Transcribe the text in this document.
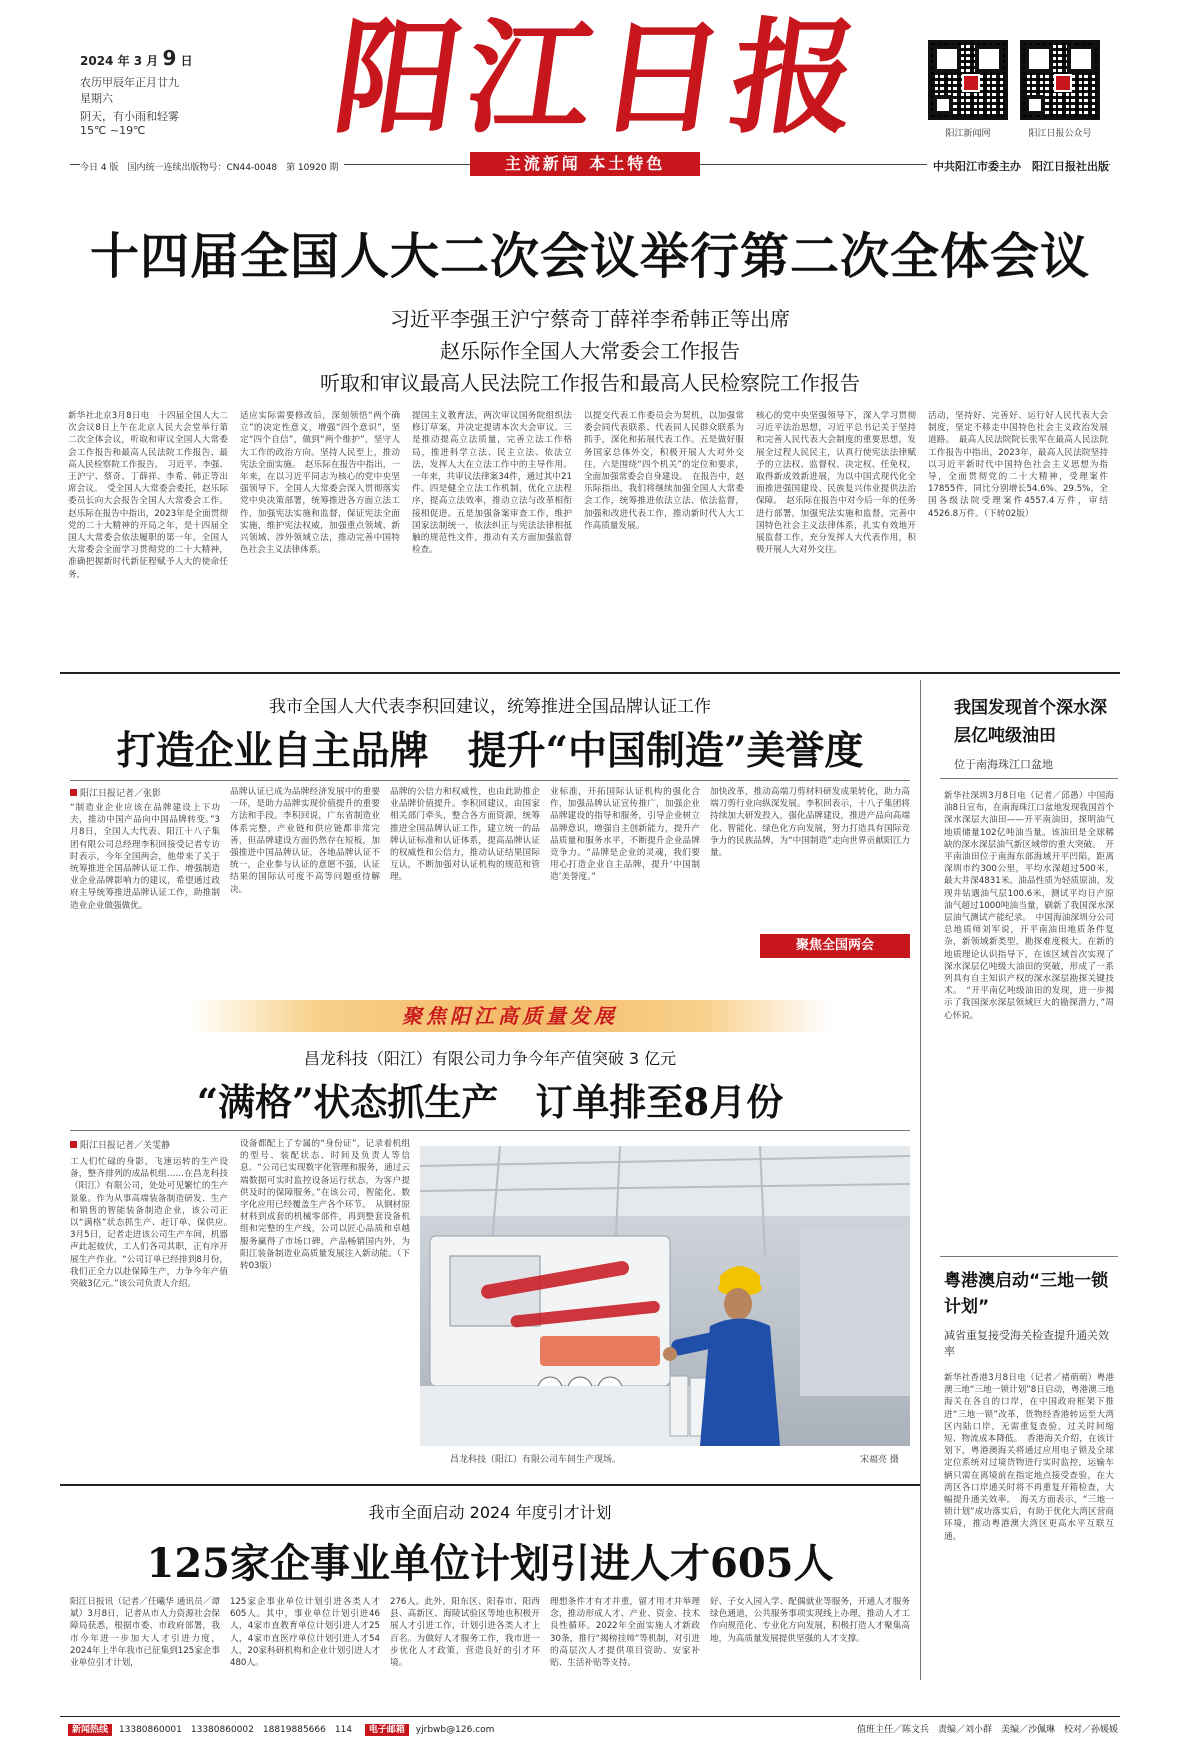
2024 年 3 月 9 日
农历甲辰年正月廿九
星期六
阴天，有小雨和轻雾
15℃ ~19℃ 阳江日报	阳江新闻网	阳江日报公众号
今日 4 版　国内统一连续出版物号：CN44-0048　第 10920 期	主流新闻 本土特色	中共阳江市委主办　阳江日报社出版
十四届全国人大二次会议举行第二次全体会议
习近平李强王沪宁蔡奇丁薛祥李希韩正等出席
赵乐际作全国人大常委会工作报告
听取和审议最高人民法院工作报告和最高人民检察院工作报告
新华社北京3月8日电　十四届全国人大二次会议8日上午在北京人民大会堂举行第二次全体会议，听取和审议全国人大常委会工作报告和最高人民法院工作报告、最高人民检察院工作报告。　习近平、李强、王沪宁、蔡奇、丁薛祥、李希、韩正等出席会议。　受全国人大常委会委托，赵乐际委员长向大会报告全国人大常委会工作。赵乐际在报告中指出，2023年是全面贯彻党的二十大精神的开局之年，是十四届全国人大常委会依法履职的第一年。全国人大常委会全面学习贯彻党的二十大精神，准确把握新时代新征程赋予人大的使命任务，
适应实际需要修改后，深刻领悟“两个确立”的决定性意义，增强“四个意识”，坚定“四个自信”，做到“两个维护”，坚守人大工作的政治方向。坚持人民至上，推动宪法全面实施。　赵乐际在报告中指出，一年来，在以习近平同志为核心的党中央坚强领导下，全国人大常委会深入贯彻落实党中央决策部署，统筹推进各方面立法工作，加强宪法实施和监督，保证宪法全面实施，维护宪法权威，加强重点领域、新兴领域、涉外领域立法，推动完善中国特色社会主义法律体系。
提国主义教育法，两次审议国务院组织法修订草案，并决定提请本次大会审议。三是推动提高立法质量，完善立法工作格局，推进科学立法、民主立法、依法立法，发挥人大在立法工作中的主导作用。一年来，共审议法律案34件，通过其中21件。四是健全立法工作机制，优化立法程序，提高立法效率，推动立法与改革相衔接相促进。五是加强备案审查工作，维护国家法制统一，依法纠正与宪法法律相抵触的规范性文件，推动有关方面加强监督检查。
以提交代表工作委员会为契机，以加强常委会同代表联系、代表同人民群众联系为抓手，深化和拓展代表工作。五是做好服务国家总体外交，积极开展人大对外交往，六是围绕“四个机关”的定位和要求，全面加强常委会自身建设。　在报告中，赵乐际指出，我们将继续加强全国人大常委会工作，统筹推进依法立法、依法监督，加强和改进代表工作，推动新时代人大工作高质量发展。
核心的党中央坚强领导下，深入学习贯彻习近平法治思想，习近平总书记关于坚持和完善人民代表大会制度的重要思想，发展全过程人民民主，认真行使宪法法律赋予的立法权、监督权、决定权、任免权，取得新成效新进展，为以中国式现代化全面推进强国建设、民族复兴伟业提供法治保障。　赵乐际在报告中对今后一年的任务进行部署，加强宪法实施和监督，完善中国特色社会主义法律体系，扎实有效地开展监督工作，充分发挥人大代表作用，积极开展人大对外交往。
活动，坚持好、完善好、运行好人民代表大会制度，坚定不移走中国特色社会主义政治发展道路。　最高人民法院院长张军在最高人民法院工作报告中指出，2023年，最高人民法院坚持以习近平新时代中国特色社会主义思想为指导，全面贯彻党的二十大精神，受理案件17855件，同比分别增长54.6%、29.5%，全国各级法院受理案件4557.4万件，审结4526.8万件。（下转02版）
我市全国人大代表李积回建议，统筹推进全国品牌认证工作
打造企业自主品牌　提升“中国制造”美誉度
阳江日报记者／张影
“制造业企业应该在品牌建设上下功夫，推动中国产品向中国品牌转变。”3月8日，全国人大代表、阳江十八子集团有限公司总经理李积回接受记者专访时表示，今年全国两会，他带来了关于统筹推进全国品牌认证工作、增强制造业企业品牌影响力的建议，希望通过政府主导统筹推进品牌认证工作，助推制造业企业做强做优。
品牌认证已成为品牌经济发展中的重要一环，是助力品牌实现价值提升的重要方法和手段。李积回说，广东省制造业体系完整，产业链和供应链都非常完善，但品牌建设方面仍然存在短板，加强推进中国品牌认证，各地品牌认证不统一，企业参与认证的意愿不强，认证结果的国际认可度不高等问题亟待解决。
品牌的公信力和权威性，也由此助推企业品牌价值提升。李积回建议，由国家相关部门牵头，整合各方面资源，统筹推进全国品牌认证工作，建立统一的品牌认证标准和认证体系，提高品牌认证的权威性和公信力，推动认证结果国际互认，不断加强对认证机构的规范和管理。
业标准，开拓国际认证机构的强化合作，加强品牌认证宣传推广，加强企业品牌建设的指导和服务，引导企业树立品牌意识，增强自主创新能力，提升产品质量和服务水平，不断提升企业品牌竞争力。“品牌是企业的灵魂，我们要用心打造企业自主品牌，提升‘中国制造’美誉度。”
加快改革，推动高端刀剪材料研发成果转化，助力高端刀剪行业向纵深发展。李积回表示，十八子集团将持续加大研发投入，强化品牌建设，推进产品向高端化、智能化、绿色化方向发展，努力打造具有国际竞争力的民族品牌，为“中国制造”走向世界贡献阳江力量。
聚焦全国两会
我国发现首个深水深层亿吨级油田
位于南海珠江口盆地
新华社深圳3月8日电（记者／邱愚）中国海油8日宣布，在南海珠江口盆地发现我国首个深水深层大油田——开平南油田，探明油气地质储量102亿吨油当量。该油田是全球稀缺的深水深层油气新区域带的重大突破。　开平南油田位于南海东部海域开平凹陷，距离深圳市约300公里，平均水深超过500米，最大井深4831米。油品性质为轻质原油，发现井钻遇油气层100.6米，测试平均日产原油气超过1000吨油当量，刷新了我国深水深层油气测试产能纪录。　中国海油深圳分公司总地质师刘军说，开平南油田地质条件复杂，新领域新类型，勘探难度极大。在新的地质理论认识指导下，在该区域首次实现了深水深层亿吨级大油田的突破，形成了一系列具有自主知识产权的深水深层勘探关键技术。　“开平南亿吨级油田的发现，进一步揭示了我国深水深层领域巨大的勘探潜力，”周心怀说。
粤港澳启动“三地一锁计划”
减省重复接受海关检查提升通关效率
新华社香港3月8日电（记者／褚萌萌）粤港澳三地“三地一锁计划”8日启动，粤港澳三地海关在各自的口岸，在中国政府框架下推进“三地一锁”改革，货物经香港转运至大湾区内陆口岸，无需重复查验，过关时间缩短、物流成本降低。　香港海关介绍，在该计划下，粤港澳海关将通过应用电子锁及全球定位系统对过境货物进行实时监控，运输车辆只需在离境前在指定地点接受查验，在大湾区各口岸通关时将不再重复开箱检查，大幅提升通关效率。　海关方面表示，“三地一锁计划”成功落实后，有助于优化大湾区营商环境，推动粤港澳大湾区更高水平互联互通。
聚焦阳江高质量发展
昌龙科技（阳江）有限公司力争今年产值突破 3 亿元
“满格”状态抓生产　订单排至8月份
阳江日报记者／关雯静
工人们忙碌的身影，飞速运转的生产设备，整齐排列的成品机组……在昌龙科技（阳江）有限公司，处处可见繁忙的生产景象。作为从事高端装备制造研发、生产和销售的智能装备制造企业，该公司正以“满格”状态抓生产、赶订单、保供应。　3月5日，记者走进该公司生产车间，机器声此起彼伏，工人们各司其职，正有序开展生产作业。“公司订单已经排到8月份，我们正全力以赴保障生产，力争今年产值突破3亿元。”该公司负责人介绍。
设备都配上了专属的“身份证”，记录着机组的型号、装配状态、时间及负责人等信息。“公司已实现数字化管理和服务，通过云端数据可实时监控设备运行状态，为客户提供及时的保障服务。”在该公司，智能化、数字化应用已经覆盖生产各个环节。　从钢材原材料到成套的机械零部件，再到整套设备机组和完整的生产线，公司以匠心品质和卓越服务赢得了市场口碑，产品畅销国内外，为阳江装备制造业高质量发展注入新动能。（下转03版）
昌龙科技（阳江）有限公司车间生产现场。	宋福亮 摄
我市全面启动 2024 年度引才计划
125家企事业单位计划引进人才605人
阳江日报讯（记者／任曦华 通讯员／谭斌）3月8日，记者从市人力资源社会保障局获悉，根据市委、市政府部署，我市今年进一步加大人才引进力度，2024年上半年我市已征集到125家企事业单位引才计划，
125家企事业单位计划引进各类人才605人。其中，事业单位计划引进46人，4家市直教育单位计划引进人才25人，4家市直医疗单位计划引进人才54人，20家科研机构和企业计划引进人才480人。
276人。此外，阳东区、阳春市、阳西县、高新区、海陵试验区等地也积极开展人才引进工作，计划引进各类人才上百名。为做好人才服务工作，我市进一步优化人才政策，营造良好的引才环境。
理想条件才有才并重，留才用才并举理念，推动形成人才、产业、资金、技术良性循环。2022年全面实施人才新政30条，推行“揭榜挂帅”等机制，对引进的高层次人才提供项目资助、安家补贴、生活补贴等支持。
好、子女入园入学、配偶就业等服务，开通人才服务绿色通道，公共服务事项实现线上办理，推动人才工作向规范化、专业化方向发展，积极打造人才聚集高地，为高质量发展提供坚强的人才支撑。
新闻热线 13380860001　13380860002　18819885666　114 电子邮箱 yjrbwb@126.com	值班主任／陈文兵　责编／刘小群　美编／沙佩琳　校对／孙媛媛
